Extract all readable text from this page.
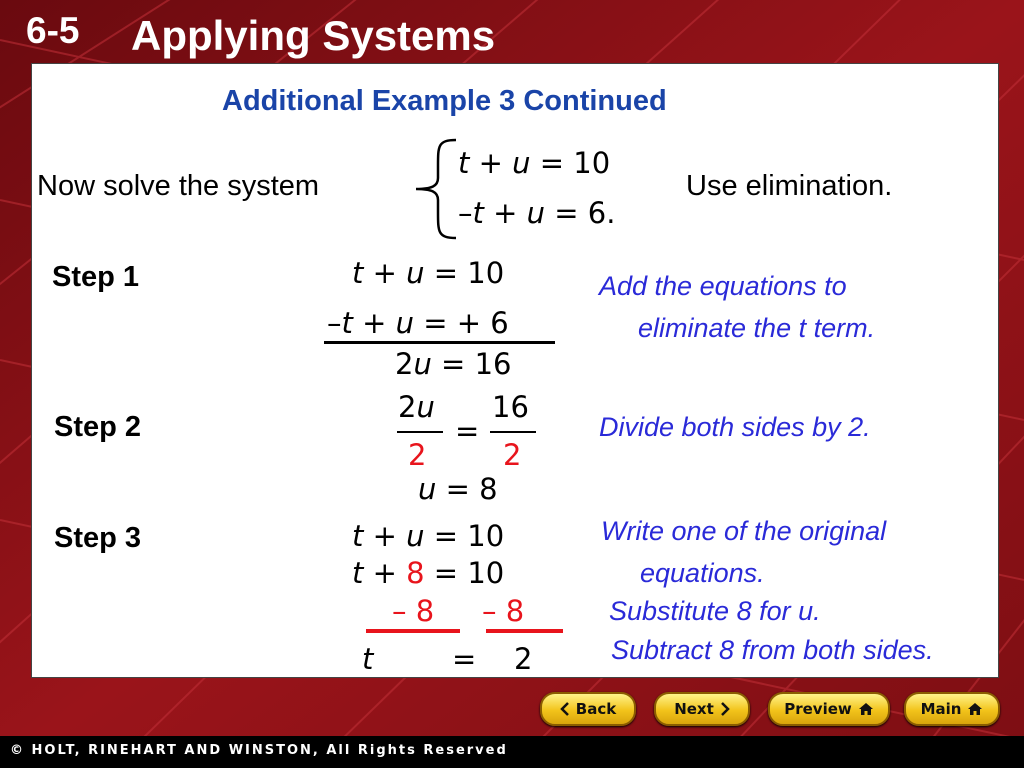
6-5 Applying Systems
Additional Example 3 Continued
Now solve the system
t + u = 10
–t + u = 6.
Use elimination.
Step 1
Step 2
Step 3
t + u = 10
–t + u = + 6
2u = 16
Add the equations to
eliminate the t term.
2u
2
=
16
2
u = 8
Divide both sides by 2.
t + u = 10
t + 8 = 10
– 8 – 8
t	= 2
Write one of the original
equations.
Substitute 8 for u.
Subtract 8 from both sides.
Back	Next	Preview	Main
© HOLT, RINEHART AND WINSTON, All Rights Reserved
